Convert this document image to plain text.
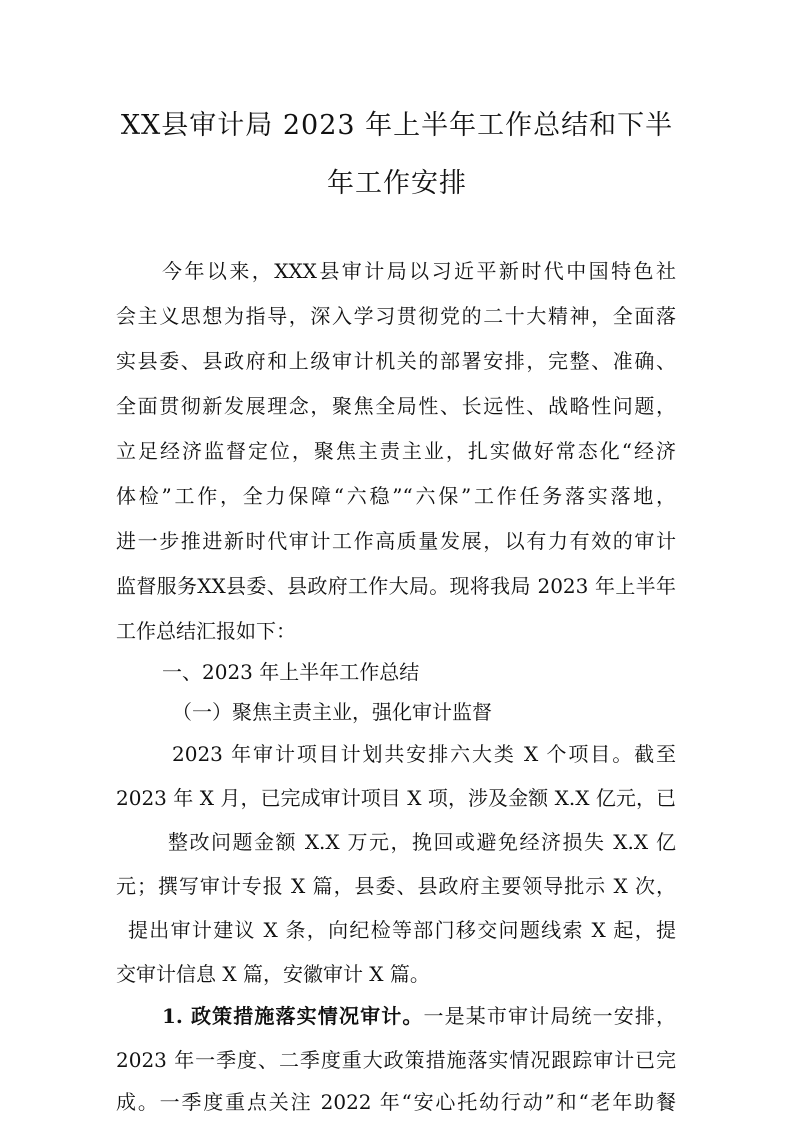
XX县审计局 2023 年上半年工作总结和下半
年工作安排
今年以来，XXX县审计局以习近平新时代中国特色社
会主义思想为指导，深入学习贯彻党的二十大精神，全面落
实县委、县政府和上级审计机关的部署安排，完整、准确、
全面贯彻新发展理念，聚焦全局性、长远性、战略性问题，
立足经济监督定位，聚焦主责主业，扎实做好常态化“经济
体检”工作，全力保障“六稳”“六保”工作任务落实落地，
进一步推进新时代审计工作高质量发展，以有力有效的审计
监督服务XX县委、县政府工作大局。现将我局 2023 年上半年
工作总结汇报如下：
一、2023 年上半年工作总结
（一）聚焦主责主业，强化审计监督
2023 年审计项目计划共安排六大类 X 个项目。截至
2023 年 X 月，已完成审计项目 X 项，涉及金额 X.X 亿元，已
整改问题金额 X.X 万元，挽回或避免经济损失 X.X 亿
元；撰写审计专报 X 篇，县委、县政府主要领导批示 X 次，
提出审计建议 X 条，向纪检等部门移交问题线索 X 起，提
交审计信息 X 篇，安徽审计 X 篇。
1. 政策措施落实情况审计。一是某市审计局统一安排，
2023 年一季度、二季度重大政策措施落实情况跟踪审计已完
成。一季度重点关注 2022 年“安心托幼行动”和“老年助餐
